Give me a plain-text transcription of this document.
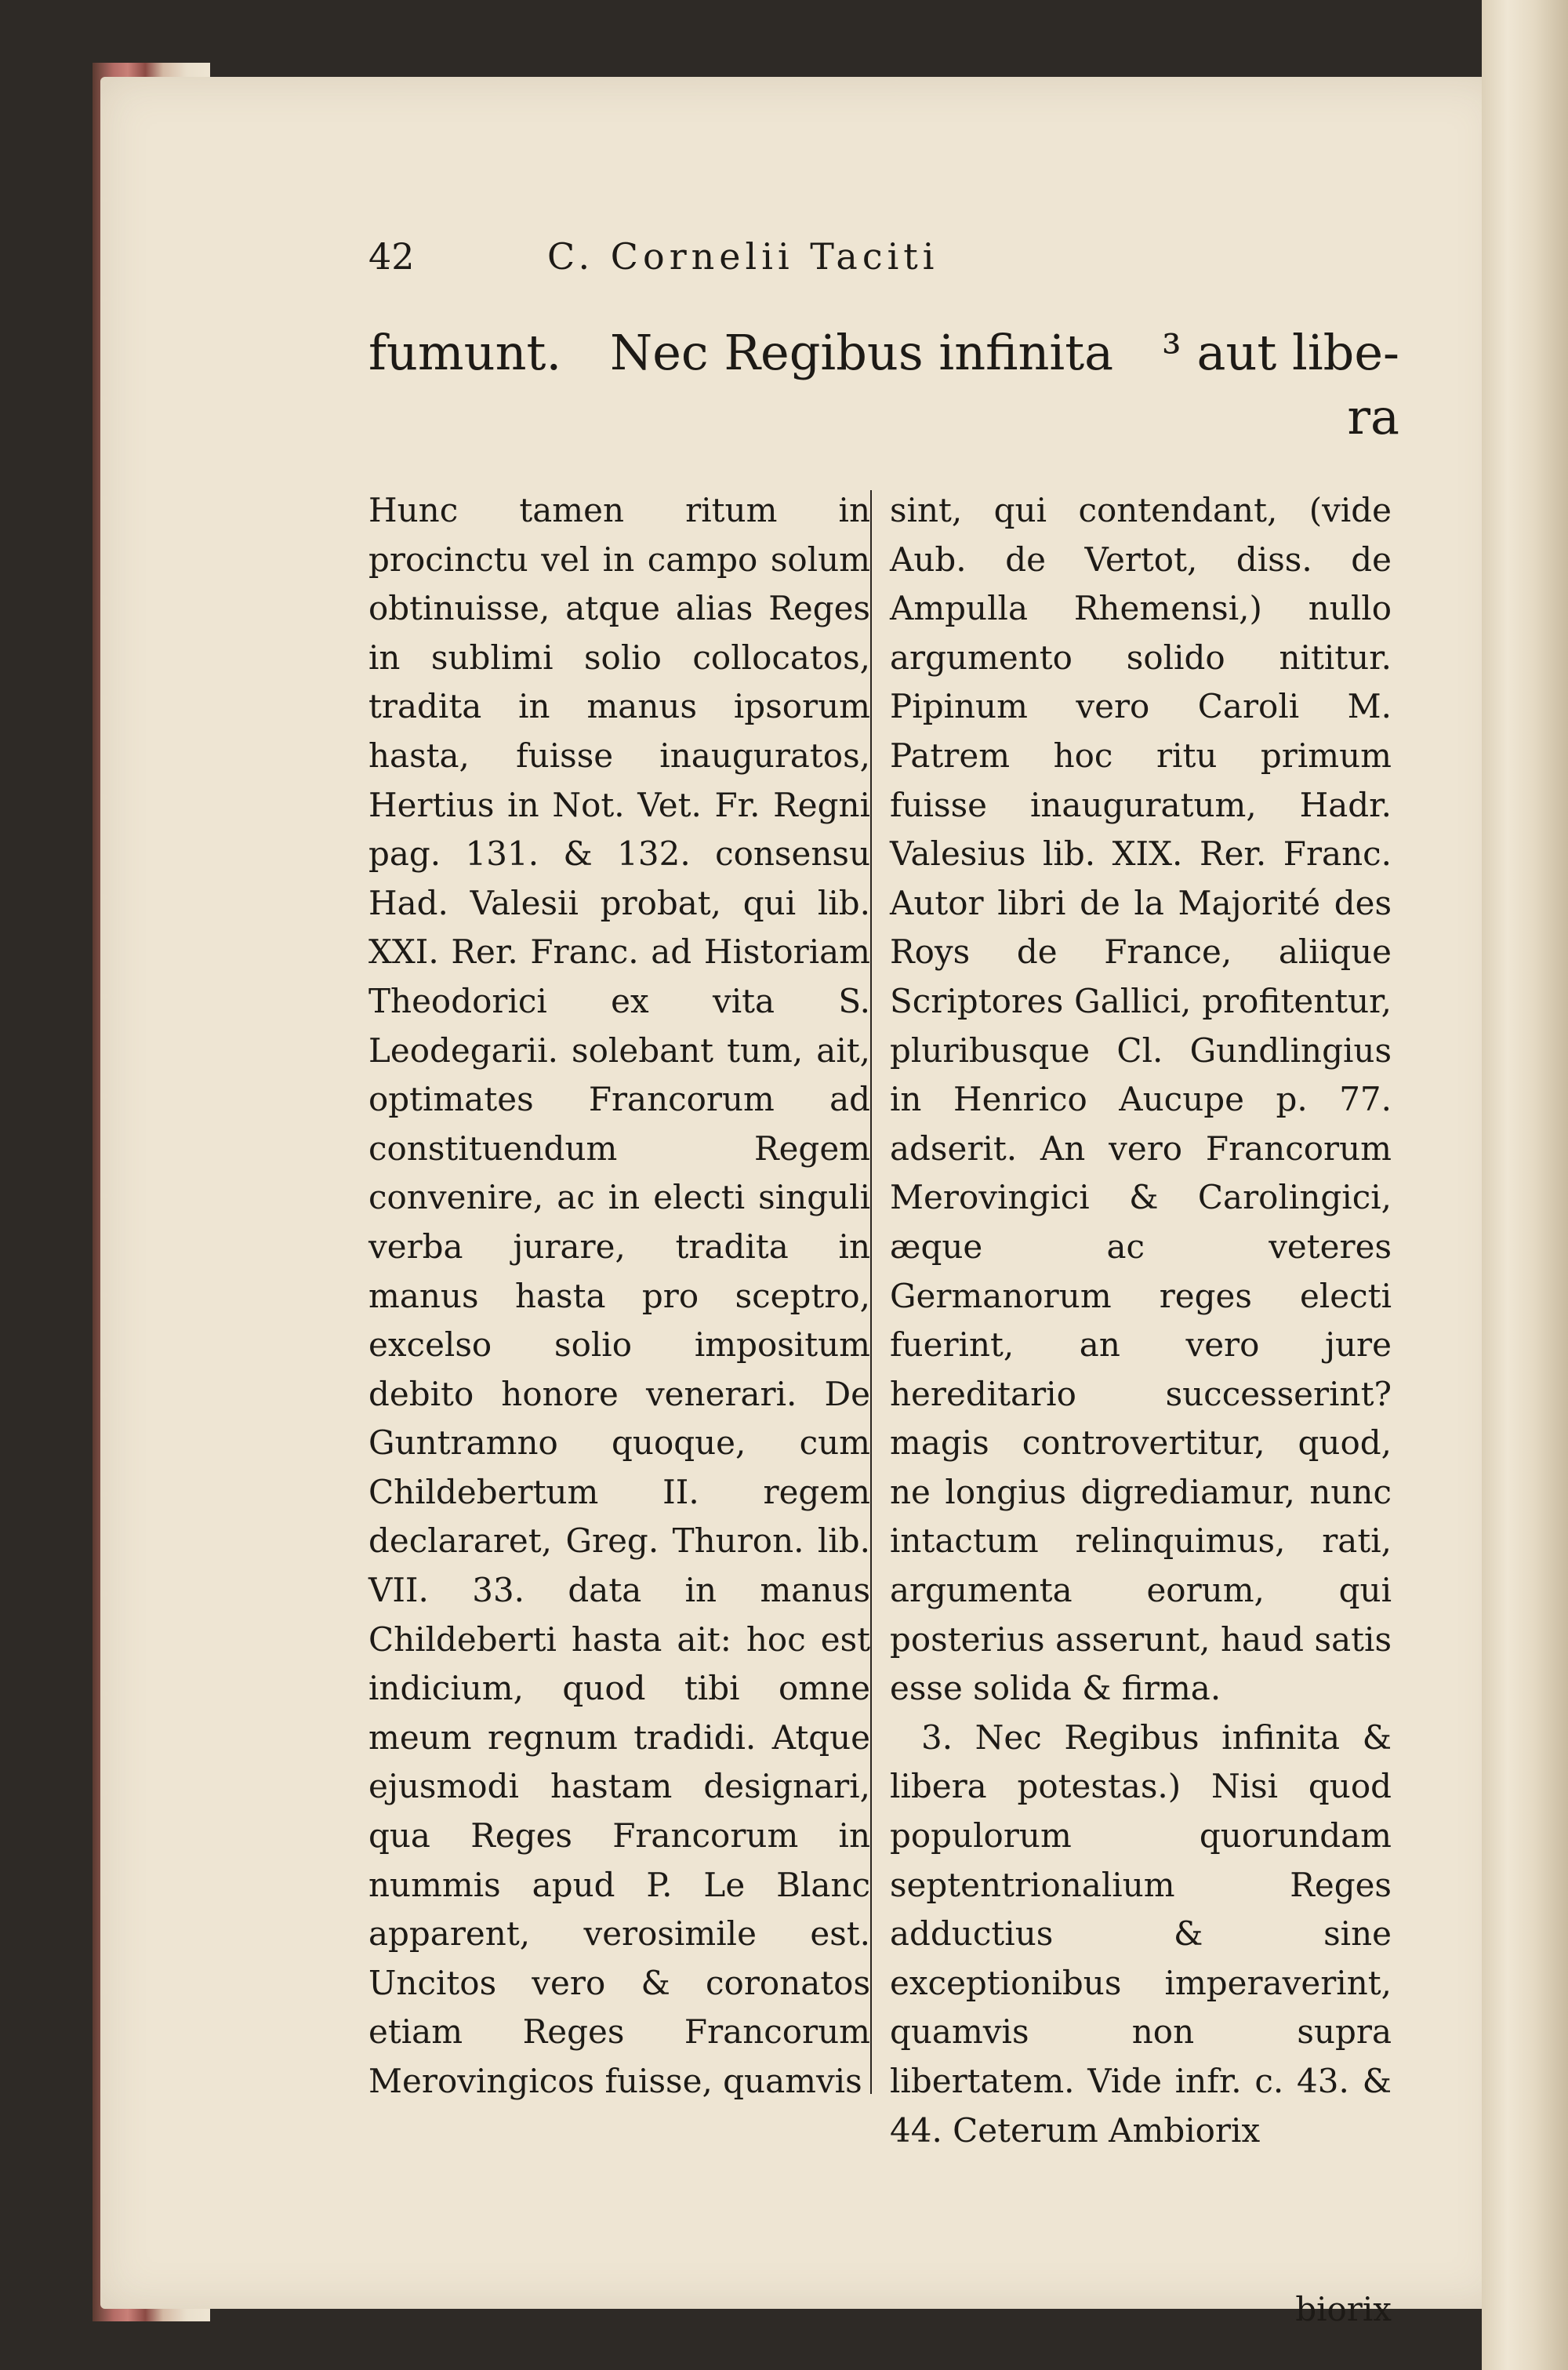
42	C. Cornelii Taciti
fumunt. Nec Regibus infinita ³ aut libe-
ra

Hunc tamen ritum in procinctu vel in campo solum obtinuisse, atque alias Reges in sublimi solio collocatos, tradita in manus ipsorum hasta, fuisse inauguratos, Hertius in Not. Vet. Fr. Regni pag. 131. & 132. consensu Had. Valesii probat, qui lib. XXI. Rer. Franc. ad Historiam Theodorici ex vita S. Leodegarii. solebant tum, ait, optimates Francorum ad constituendum Regem convenire, ac in electi singuli verba jurare, tradita in manus hasta pro sceptro, excelso solio impositum debito honore venerari. De Guntramno quoque, cum Childebertum II. regem declararet, Greg. Thuron. lib. VII. 33. data in manus Childeberti hasta ait: hoc est indicium, quod tibi omne meum regnum tradidi. Atque ejusmodi hastam designari, qua Reges Francorum in nummis apud P. Le Blanc apparent, verosimile est. Uncitos vero & coronatos etiam Reges Francorum Merovingicos fuisse, quamvis

sint, qui contendant, (vide Aub. de Vertot, diss. de Ampulla Rhemensi,) nullo argumento solido nititur. Pipinum vero Caroli M. Patrem hoc ritu primum fuisse inauguratum, Hadr. Valesius lib. XIX. Rer. Franc. Autor libri de la Majorité des Roys de France, aliique Scriptores Gallici, profitentur, pluribusque Cl. Gundlingius in Henrico Aucupe p. 77. adserit. An vero Francorum Merovingici & Carolingici, æque ac veteres Germanorum reges electi fuerint, an vero jure hereditario successerint? magis controvertitur, quod, ne longius digrediamur, nunc intactum relinquimus, rati, argumenta eorum, qui posterius asserunt, haud satis esse solida & firma.

3. Nec Regibus infinita & libera potestas.) Nisi quod populorum quorundam septentrionalium Reges adductius & sine exceptionibus imperaverint, quamvis non supra libertatem. Vide infr. c. 43. & 44. Ceterum Ambiorix

biorix
